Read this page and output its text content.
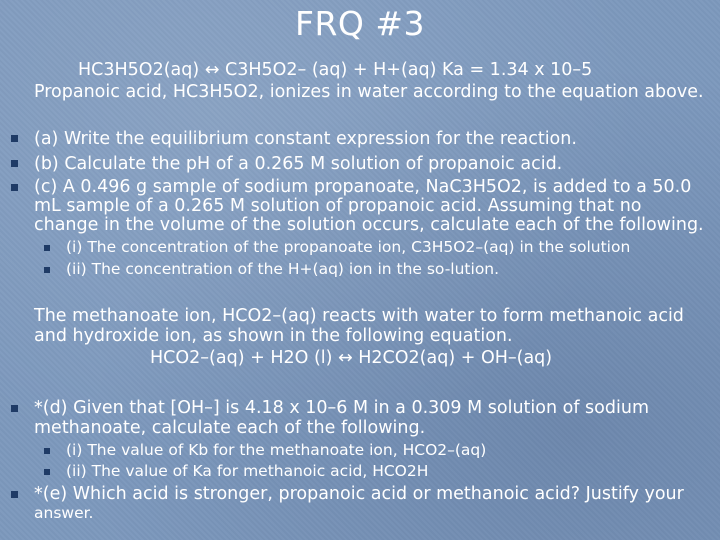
FRQ #3
HC3H5O2(aq) ↔ C3H5O2– (aq) + H+(aq) Ka = 1.34 x 10–5
Propanoic acid, HC3H5O2, ionizes in water according to the equation above.
(a) Write the equilibrium constant expression for the reaction.
(b) Calculate the pH of a 0.265 M solution of propanoic acid.
(c) A 0.496 g sample of sodium propanoate, NaC3H5O2, is added to a 50.0
mL sample of a 0.265 M solution of propanoic acid. Assuming that no
change in the volume of the solution occurs, calculate each of the following.
(i) The concentration of the propanoate ion, C3H5O2–(aq) in the solution
(ii) The concentration of the H+(aq) ion in the so-lution.
The methanoate ion, HCO2–(aq) reacts with water to form methanoic acid
and hydroxide ion, as shown in the following equation.
HCO2–(aq) + H2O (l) ↔ H2CO2(aq) + OH–(aq)
*(d) Given that [OH–] is 4.18 x 10–6 M in a 0.309 M solution of sodium
methanoate, calculate each of the following.
(i) The value of Kb for the methanoate ion, HCO2–(aq)
(ii) The value of Ka for methanoic acid, HCO2H
*(e) Which acid is stronger, propanoic acid or methanoic acid? Justify your
answer.
